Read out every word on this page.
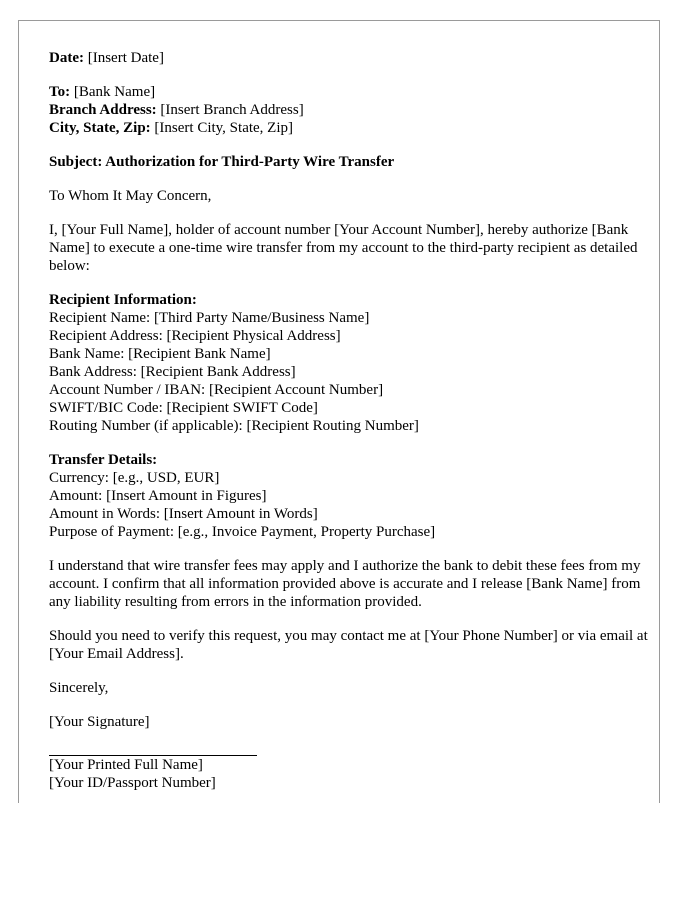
Date: [Insert Date]
To: [Bank Name]
Branch Address: [Insert Branch Address]
City, State, Zip: [Insert City, State, Zip]
Subject: Authorization for Third-Party Wire Transfer

To Whom It May Concern,

I, [Your Full Name], holder of account number [Your Account Number], hereby authorize [Bank Name] to execute a one-time wire transfer from my account to the third-party recipient as detailed below:

Recipient Information:
Recipient Name: [Third Party Name/Business Name]
Recipient Address: [Recipient Physical Address]
Bank Name: [Recipient Bank Name]
Bank Address: [Recipient Bank Address]
Account Number / IBAN: [Recipient Account Number]
SWIFT/BIC Code: [Recipient SWIFT Code]
Routing Number (if applicable): [Recipient Routing Number]
Transfer Details:
Currency: [e.g., USD, EUR]
Amount: [Insert Amount in Figures]
Amount in Words: [Insert Amount in Words]
Purpose of Payment: [e.g., Invoice Payment, Property Purchase]

I understand that wire transfer fees may apply and I authorize the bank to debit these fees from my account. I confirm that all information provided above is accurate and I release [Bank Name] from any liability resulting from errors in the information provided.

Should you need to verify this request, you may contact me at [Your Phone Number] or via email at [Your Email Address].

Sincerely,

[Your Signature]
[Your Printed Full Name]
[Your ID/Passport Number]
